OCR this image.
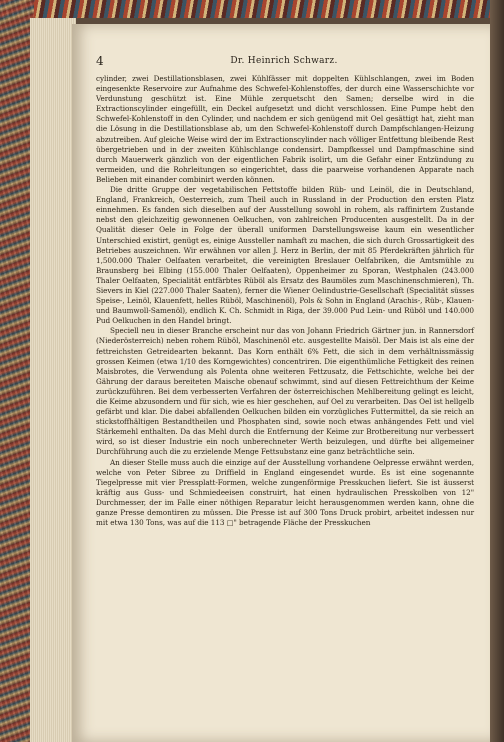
4	Dr. Heinrich Schwarz.

cylinder, zwei Destillationsblasen, zwei Kühlfässer mit doppelten Kühlschlangen, zwei im Boden eingesenkte Reservoire zur Aufnahme des Schwefel-Kohlenstoffes, der durch eine Wasserschichte vor Verdunstung geschützt ist. Eine Mühle zerquetscht den Samen; derselbe wird in die Extractionscylinder eingefüllt, ein Deckel aufgesetzt und dicht verschlossen. Eine Pumpe hebt den Schwefel-Kohlenstoff in den Cylinder, und nachdem er sich genügend mit Oel gesättigt hat, zieht man die Lösung in die Destillationsblase ab, um den Schwefel-Kohlenstoff durch Dampfschlangen-Heizung abzutreiben. Auf gleiche Weise wird der im Extractionscylinder nach völliger Entfettung bleibende Rest übergetrieben und in der zweiten Kühlschlange condensirt. Dampfkessel und Dampfmaschine sind durch Mauerwerk gänzlich von der eigentlichen Fabrik isolirt, um die Gefahr einer Entzündung zu vermeiden, und die Rohrleitungen so eingerichtet, dass die paarweise vorhandenen Apparate nach Belieben mit einander combinirt werden können.

Die dritte Gruppe der vegetabilischen Fettstoffe bilden Rüb- und Leinöl, die in Deutschland, England, Frankreich, Oesterreich, zum Theil auch in Russland in der Production den ersten Platz einnehmen. Es fanden sich dieselben auf der Ausstellung sowohl in rohem, als raffinirtem Zustande nebst den gleichzeitig gewonnenen Oelkuchen, von zahlreichen Producenten ausgestellt. Da in der Qualität dieser Oele in Folge der überall uniformen Darstellungsweise kaum ein wesentlicher Unterschied existirt, genügt es, einige Aussteller namhaft zu machen, die sich durch Grossartigkeit des Betriebes auszeichnen. Wir erwähnen vor allen J. Herz in Berlin, der mit 85 Pferdekräften jährlich für 1,500.000 Thaler Oelfaaten verarbeitet, die vereinigten Breslauer Oelfabriken, die Amtsmühle zu Braunsberg bei Elbing (155.000 Thaler Oelfaaten), Oppenheimer zu Sporan, Westphalen (243.000 Thaler Oelfaaten, Specialität entfärbtes Rüböl als Ersatz des Baumöles zum Maschinenschmieren), Th. Sievers in Kiel (227.000 Thaler Saaten), ferner die Wiener Oelindustrie-Gesellschaft (Specialität süsses Speise-, Leinöl, Klauenfett, helles Rüböl, Maschinenöl), Pols & Sohn in England (Arachis-, Rüb-, Klauen- und Baumwoll-Samenöl), endlich K. Ch. Schmidt in Riga, der 39.000 Pud Lein- und Rüböl und 140.000 Pud Oelkuchen in den Handel bringt.

Speciell neu in dieser Branche erscheint nur das von Johann Friedrich Gärtner jun. in Rannersdorf (Niederösterreich) neben rohem Rüböl, Maschinenöl etc. ausgestellte Maisöl. Der Mais ist als eine der fettreichsten Getreidearten bekannt. Das Korn enthält 6% Fett, die sich in dem verhältnissmässig grossen Keimen (etwa 1/10 des Korngewichtes) concentriren. Die eigenthümliche Fettigkeit des reinen Maisbrotes, die Verwendung als Polenta ohne weiteren Fettzusatz, die Fettschichte, welche bei der Gährung der daraus bereiteten Maische obenauf schwimmt, sind auf diesen Fettreichthum der Keime zurückzuführen. Bei dem verbesserten Verfahren der österreichischen Mehlbereitung gelingt es leicht, die Keime abzusondern und für sich, wie es hier geschehen, auf Oel zu verarbeiten. Das Oel ist hellgelb gefärbt und klar. Die dabei abfallenden Oelkuchen bilden ein vorzügliches Futtermittel, da sie reich an stickstoffhältigen Bestandtheilen und Phosphaten sind, sowie noch etwas anhängendes Fett und viel Stärkemehl enthalten. Da das Mehl durch die Entfernung der Keime zur Brotbereitung nur verbessert wird, so ist dieser Industrie ein noch unberechneter Werth beizulegen, und dürfte bei allgemeiner Durchführung auch die zu erzielende Menge Fettsubstanz eine ganz beträchtliche sein.

An dieser Stelle muss auch die einzige auf der Ausstellung vorhandene Oelpresse erwähnt werden, welche von Peter Sibree zu Driffield in England eingesendet wurde. Es ist eine sogenannte Tiegelpresse mit vier Pressplatt-Formen, welche zungenförmige Presskuchen liefert. Sie ist äusserst kräftig aus Guss- und Schmiedeeisen construirt, hat einen hydraulischen Presskolben von 12" Durchmesser, der im Falle einer nöthigen Reparatur leicht herausgenommen werden kann, ohne die ganze Presse demontiren zu müssen. Die Presse ist auf 300 Tons Druck probirt, arbeitet indessen nur mit etwa 130 Tons, was auf die 113 □" betragende Fläche der Presskuchen
